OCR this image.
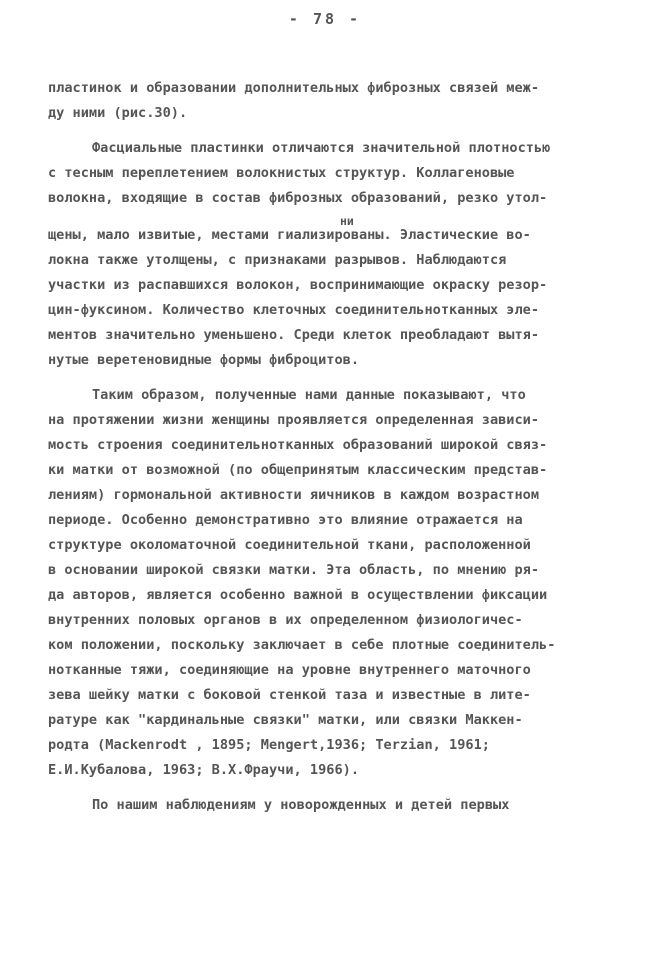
- 78 -
пластинок и образовании дополнительных фиброзных связей меж-
ду ними (рис.30).
Фасциальные пластинки отличаются значительной плотностью
с тесным переплетением волокнистых структур. Коллагеновые
волокна, входящие в состав фиброзных образований, резко утол-
ни
щены, мало извитые, местами гиализированы. Эластические во-
локна также утолщены, с признаками разрывов. Наблюдаются
участки из распавшихся волокон, воспринимающие окраску резор-
цин-фуксином. Количество клеточных соединительнотканных эле-
ментов значительно уменьшено. Среди клеток преобладают вытя-
нутые веретеновидные формы фиброцитов.
Таким образом, полученные нами данные показывают, что
на протяжении жизни женщины проявляется определенная зависи-
мость строения соединительнотканных образований широкой связ-
ки матки от возможной (по общепринятым классическим представ-
лениям) гормональной активности яичников в каждом возрастном
периоде. Особенно демонстративно это влияние отражается на
структуре околоматочной соединительной ткани, расположенной
в основании широкой связки матки. Эта область, по мнению ря-
да авторов, является особенно важной в осуществлении фиксации
внутренних половых органов в их определенном физиологичес-
ком положении, поскольку заключает в себе плотные соединитель-
нотканные тяжи, соединяющие на уровне внутреннего маточного
зева шейку матки с боковой стенкой таза и известные в лите-
ратуре как "кардинальные связки" матки, или связки Маккен-
родта (Mackenrodt , 1895; Mengert,1936; Terzian, 1961;
Е.И.Кубалова, 1963; В.Х.Фраучи, 1966).
По нашим наблюдениям у новорожденных и детей первых
